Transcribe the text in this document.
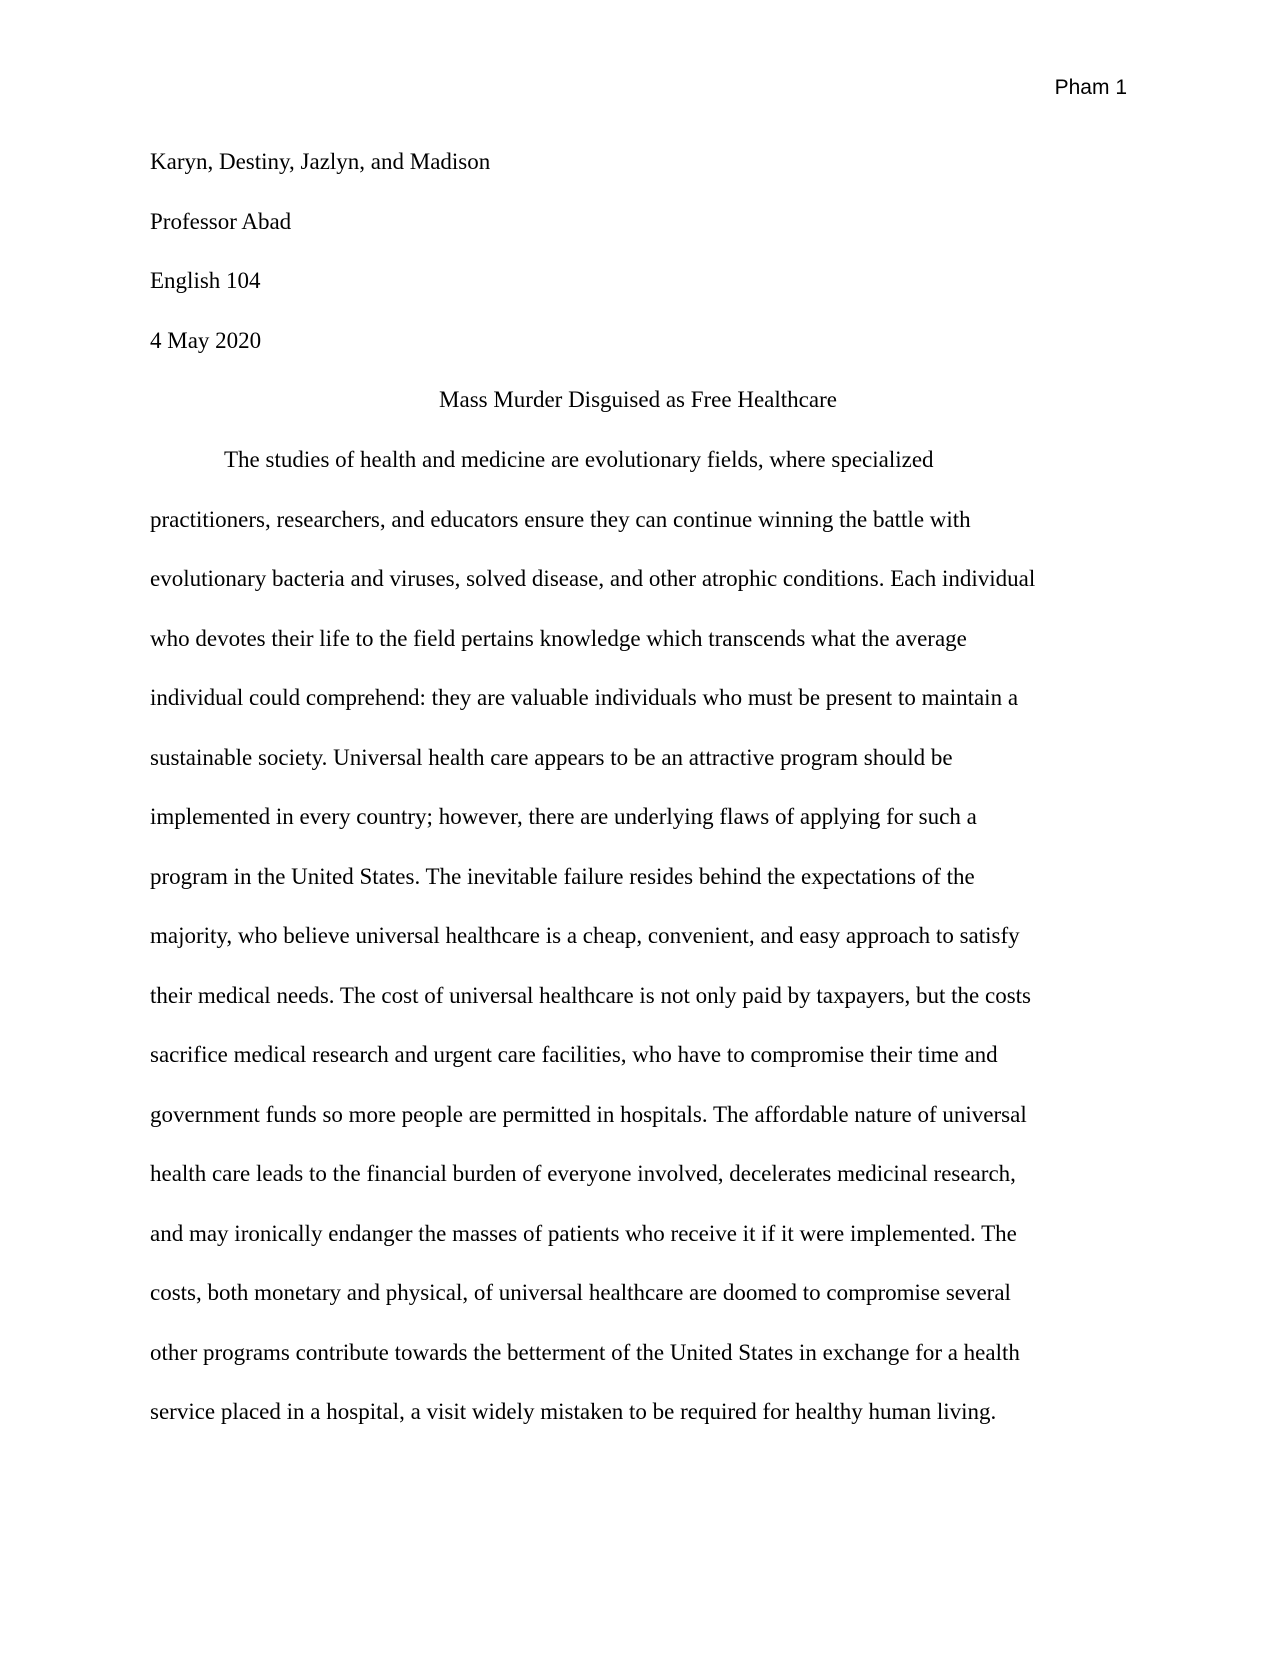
Pham 1
Karyn, Destiny, Jazlyn, and Madison
Professor Abad
English 104
4 May 2020
Mass Murder Disguised as Free Healthcare
The studies of health and medicine are evolutionary fields, where specialized
practitioners, researchers, and educators ensure they can continue winning the battle with
evolutionary bacteria and viruses, solved disease, and other atrophic conditions. Each individual
who devotes their life to the field pertains knowledge which transcends what the average
individual could comprehend: they are valuable individuals who must be present to maintain a
sustainable society. Universal health care appears to be an attractive program should be
implemented in every country; however, there are underlying flaws of applying for such a
program in the United States. The inevitable failure resides behind the expectations of the
majority, who believe universal healthcare is a cheap, convenient, and easy approach to satisfy
their medical needs. The cost of universal healthcare is not only paid by taxpayers, but the costs
sacrifice medical research and urgent care facilities, who have to compromise their time and
government funds so more people are permitted in hospitals. The affordable nature of universal
health care leads to the financial burden of everyone involved, decelerates medicinal research,
and may ironically endanger the masses of patients who receive it if it were implemented. The
costs, both monetary and physical, of universal healthcare are doomed to compromise several
other programs contribute towards the betterment of the United States in exchange for a health
service placed in a hospital, a visit widely mistaken to be required for healthy human living.
